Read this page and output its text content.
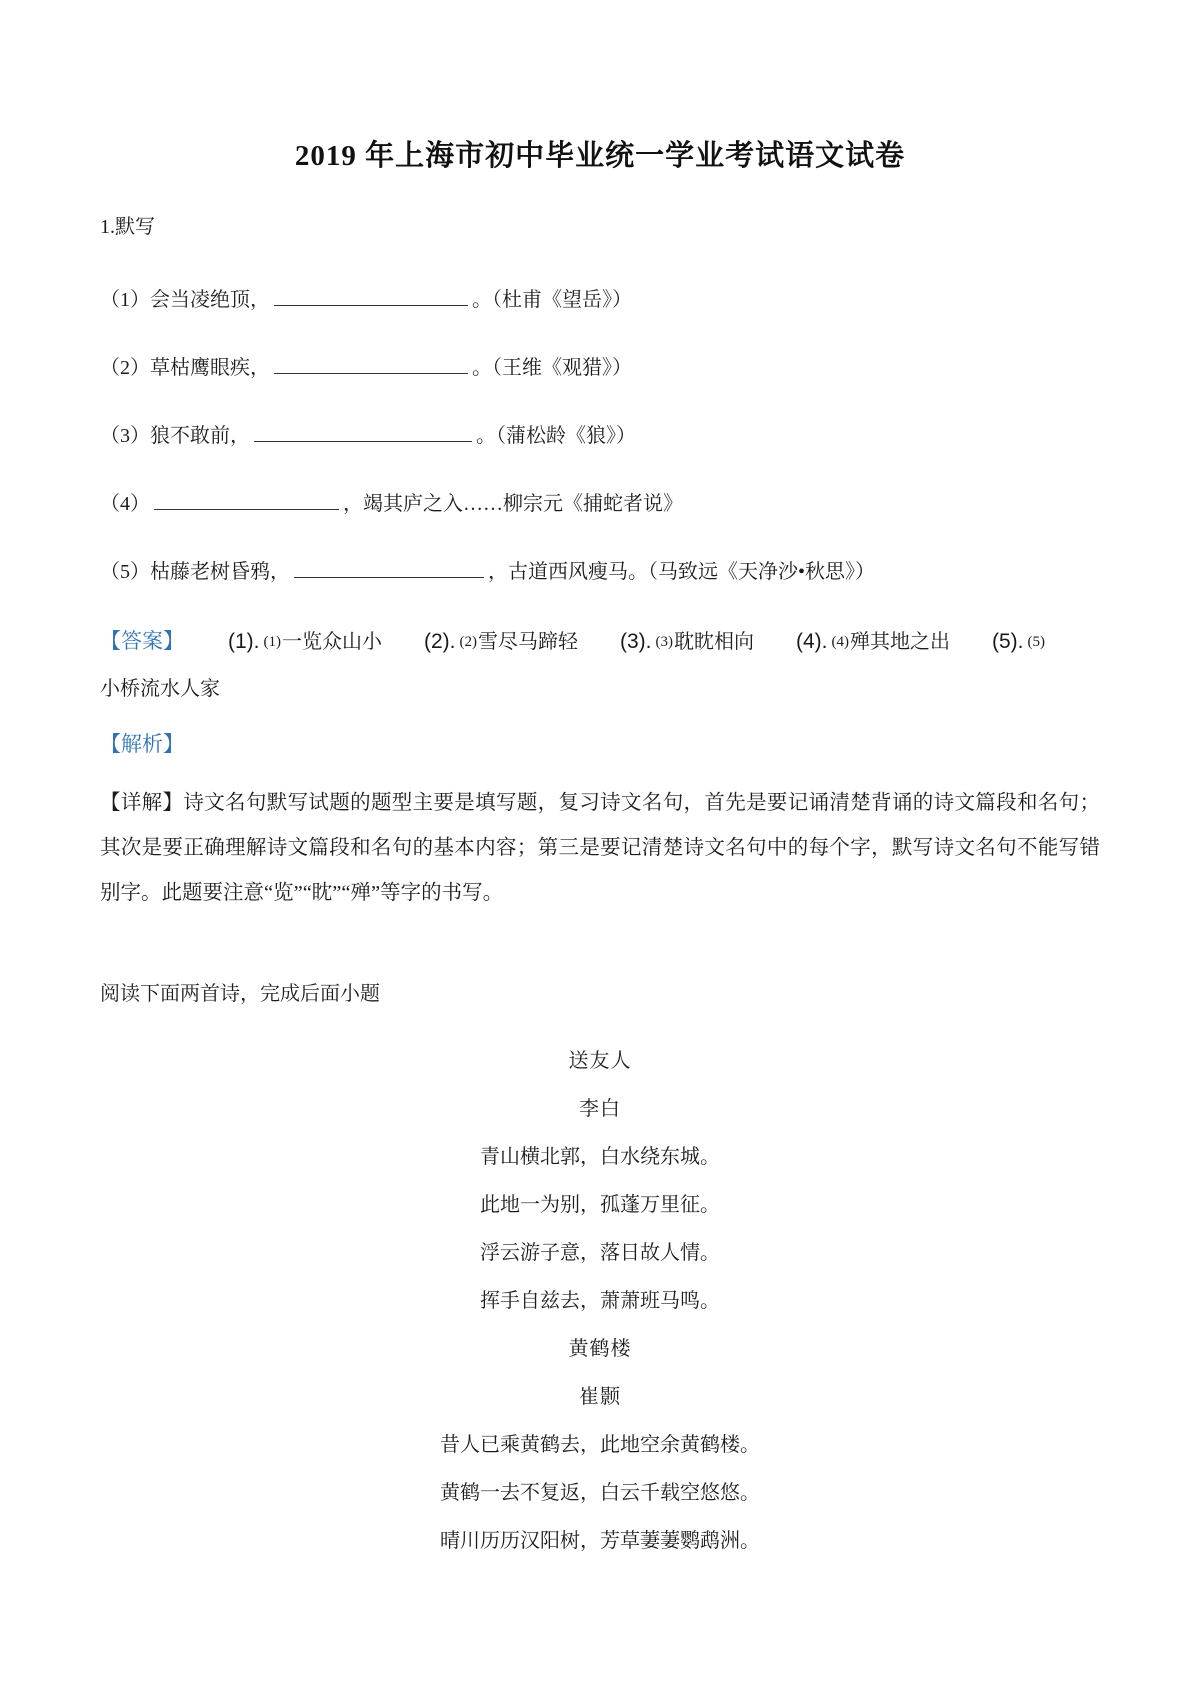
2019 年上海市初中毕业统一学业考试语文试卷
1.默写
（1）会当凌绝顶，	。（杜甫《望岳》）
（2）草枯鹰眼疾，	。（王维《观猎》）
（3）狼不敢前，	。（蒲松龄《狼》）
（4）	，竭其庐之入……柳宗元《捕蛇者说》
（5）枯藤老树昏鸦，	，古道西风瘦马。（马致远《天净沙•秋思》）
【答案】 (1). (1)一览众山小 (2). (2)雪尽马蹄轻 (3). (3)耽眈相向 (4). (4)殚其地之出 (5). (5)
小桥流水人家
【解析】
【详解】诗文名句默写试题的题型主要是填写题，复习诗文名句，首先是要记诵清楚背诵的诗文篇段和名句；其次是要正确理解诗文篇段和名句的基本内容；第三是要记清楚诗文名句中的每个字，默写诗文名句不能写错别字。此题要注意“览”“眈”“殚”等字的书写。
阅读下面两首诗，完成后面小题
送友人
李白
青山横北郭，白水绕东城。
此地一为别，孤蓬万里征。
浮云游子意，落日故人情。
挥手自兹去，萧萧班马鸣。
黄鹤楼
崔颢
昔人已乘黄鹤去，此地空余黄鹤楼。
黄鹤一去不复返，白云千载空悠悠。
晴川历历汉阳树，芳草萋萋鹦鹉洲。
